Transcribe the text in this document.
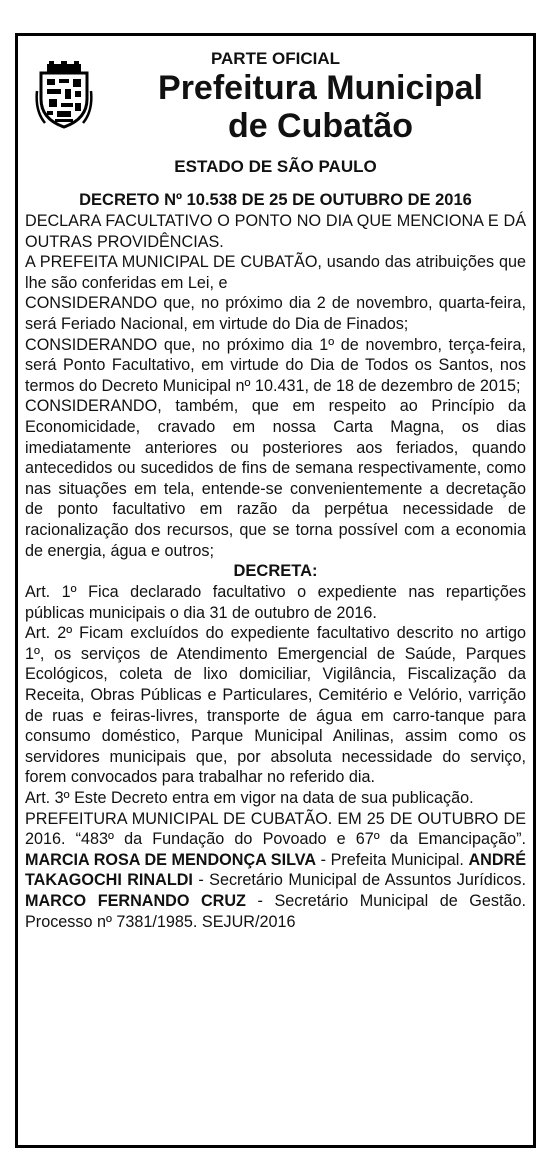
PARTE OFICIAL
Prefeitura Municipal
de Cubatão
ESTADO DE SÃO PAULO
DECRETO Nº 10.538 DE 25 DE OUTUBRO DE 2016

DECLARA FACULTATIVO O PONTO NO DIA QUE MENCIONA E DÁ OUTRAS PROVIDÊNCIAS.

A PREFEITA MUNICIPAL DE CUBATÃO, usando das atribuições que lhe são conferidas em Lei, e

CONSIDERANDO que, no próximo dia 2 de novembro, quarta-feira, será Feriado Nacional, em virtude do Dia de Finados;

CONSIDERANDO que, no próximo dia 1º de novembro, terça-feira, será Ponto Facultativo, em virtude do Dia de Todos os Santos, nos termos do Decreto Municipal nº 10.431, de 18 de dezembro de 2015;

CONSIDERANDO, também, que em respeito ao Princípio da Economicidade, cravado em nossa Carta Magna, os dias imediatamente anteriores ou posteriores aos feriados, quando antecedidos ou sucedidos de fins de semana respectivamente, como nas situações em tela, entende-se convenientemente a decretação de ponto facultativo em razão da perpétua necessidade de racionalização dos recursos, que se torna possível com a economia de energia, água e outros;

DECRETA:

Art. 1º Fica declarado facultativo o expediente nas repartições públicas municipais o dia 31 de outubro de 2016.

Art. 2º Ficam excluídos do expediente facultativo descrito no artigo 1º, os serviços de Atendimento Emergencial de Saúde, Parques Ecológicos, coleta de lixo domiciliar, Vigilância, Fiscalização da Receita, Obras Públicas e Particulares, Cemitério e Velório, varrição de ruas e feiras-livres, transporte de água em carro-tanque para consumo doméstico, Parque Municipal Anilinas, assim como os servidores municipais que, por absoluta necessidade do serviço, forem convocados para trabalhar no referido dia.

Art. 3º Este Decreto entra em vigor na data de sua publicação.

PREFEITURA MUNICIPAL DE CUBATÃO. EM 25 DE OUTUBRO DE 2016. “483º da Fundação do Povoado e 67º da Emancipação”. MARCIA ROSA DE MENDONÇA SILVA - Prefeita Municipal. ANDRÉ TAKAGOCHI RINALDI - Secretário Municipal de Assuntos Jurídicos. MARCO FERNANDO CRUZ - Secretário Municipal de Gestão. Processo nº 7381/1985. SEJUR/2016
